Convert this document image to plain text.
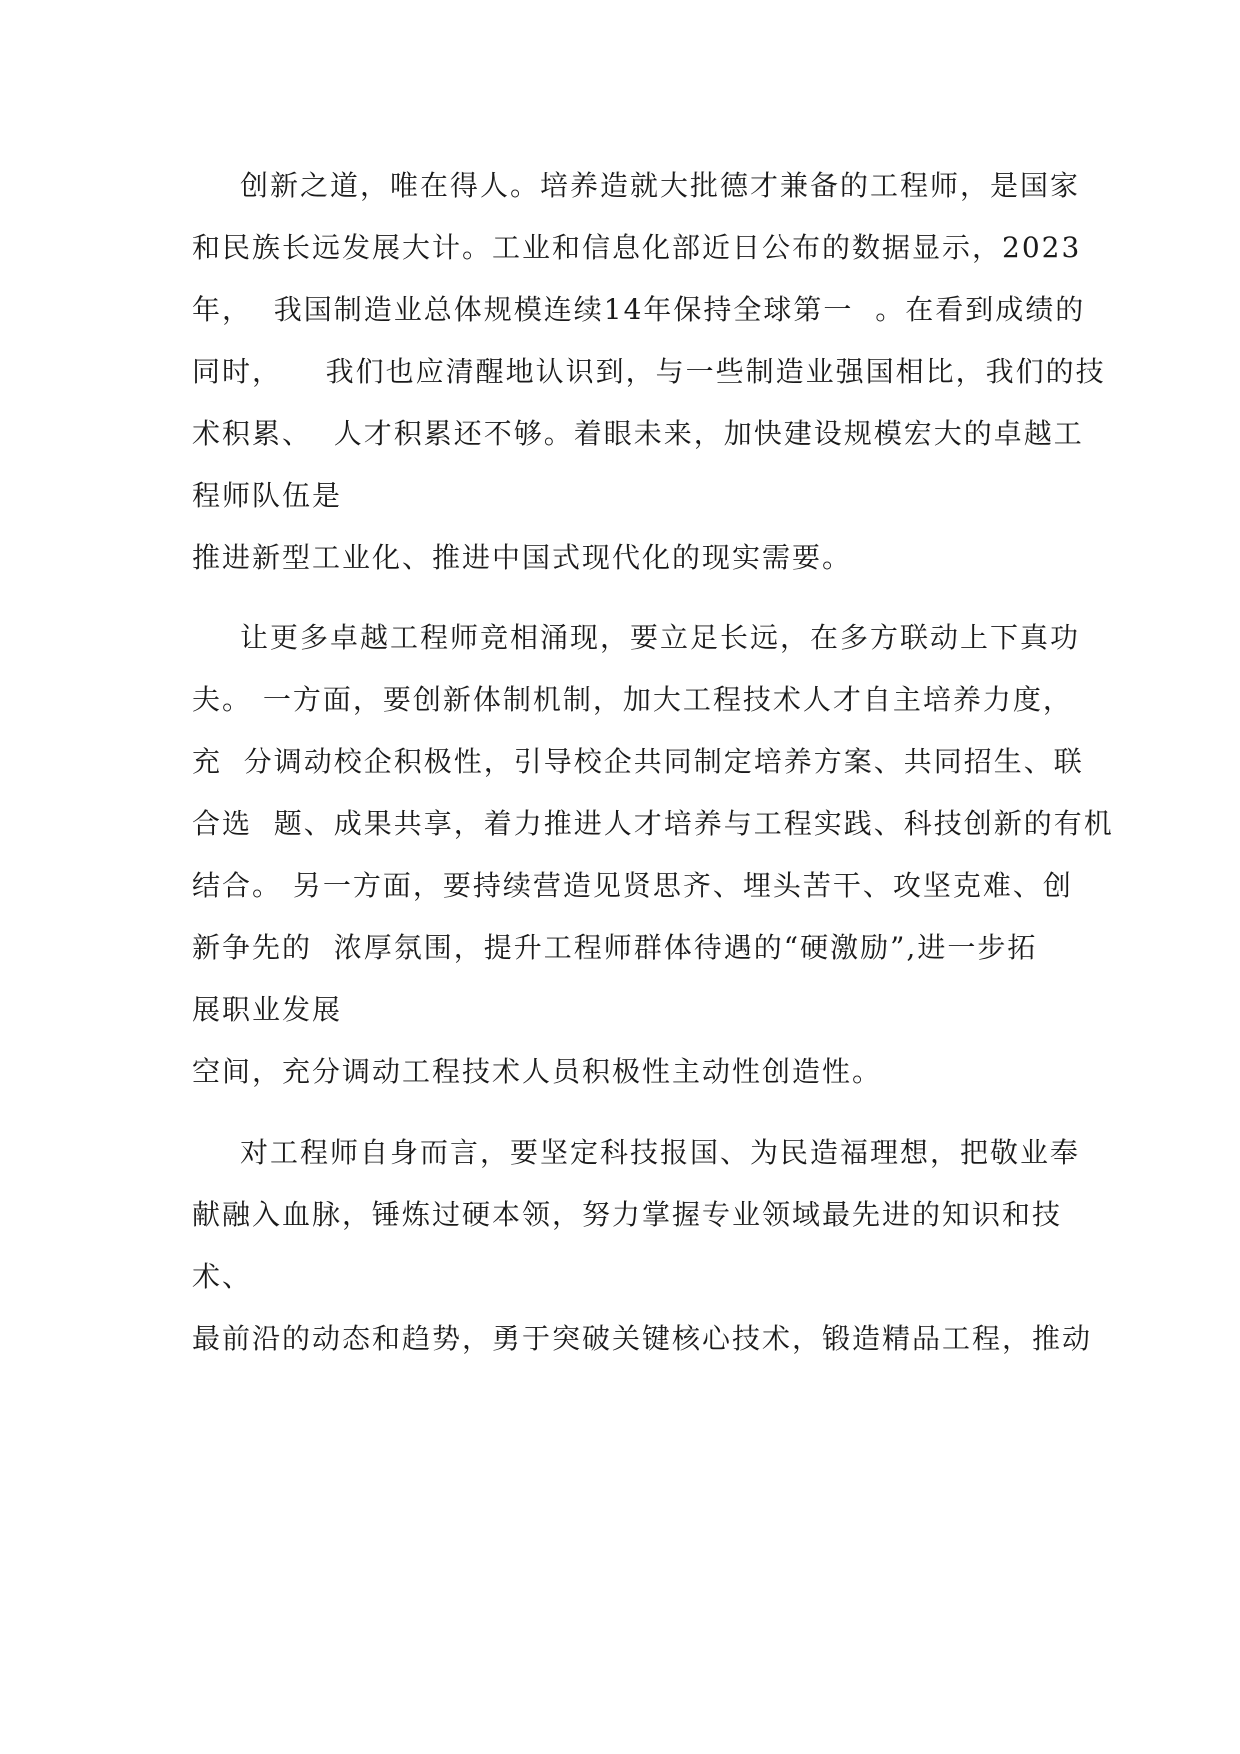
创新之道，唯在得人。培养造就大批德才兼备的工程师，是国家

和民族长远发展大计。工业和信息化部近日公布的数据显示，2023

年，  我国制造业总体规模连续14年保持全球第一  。在看到成绩的

同时，    我们也应清醒地认识到，与一些制造业强国相比，我们的技

术积累、  人才积累还不够。着眼未来，加快建设规模宏大的卓越工

程师队伍是

推进新型工业化、推进中国式现代化的现实需要。

让更多卓越工程师竞相涌现，要立足长远，在多方联动上下真功

夫。 一方面，要创新体制机制，加大工程技术人才自主培养力度，

充  分调动校企积极性，引导校企共同制定培养方案、共同招生、联

合选  题、成果共享，着力推进人才培养与工程实践、科技创新的有机

结合。 另一方面，要持续营造见贤思齐、埋头苦干、攻坚克难、创

新争先的  浓厚氛围，提升工程师群体待遇的“硬激励”,进一步拓

展职业发展

空间，充分调动工程技术人员积极性主动性创造性。

对工程师自身而言，要坚定科技报国、为民造福理想，把敬业奉

献融入血脉，锤炼过硬本领，努力掌握专业领域最先进的知识和技

术、

最前沿的动态和趋势，勇于突破关键核心技术，锻造精品工程，推动
